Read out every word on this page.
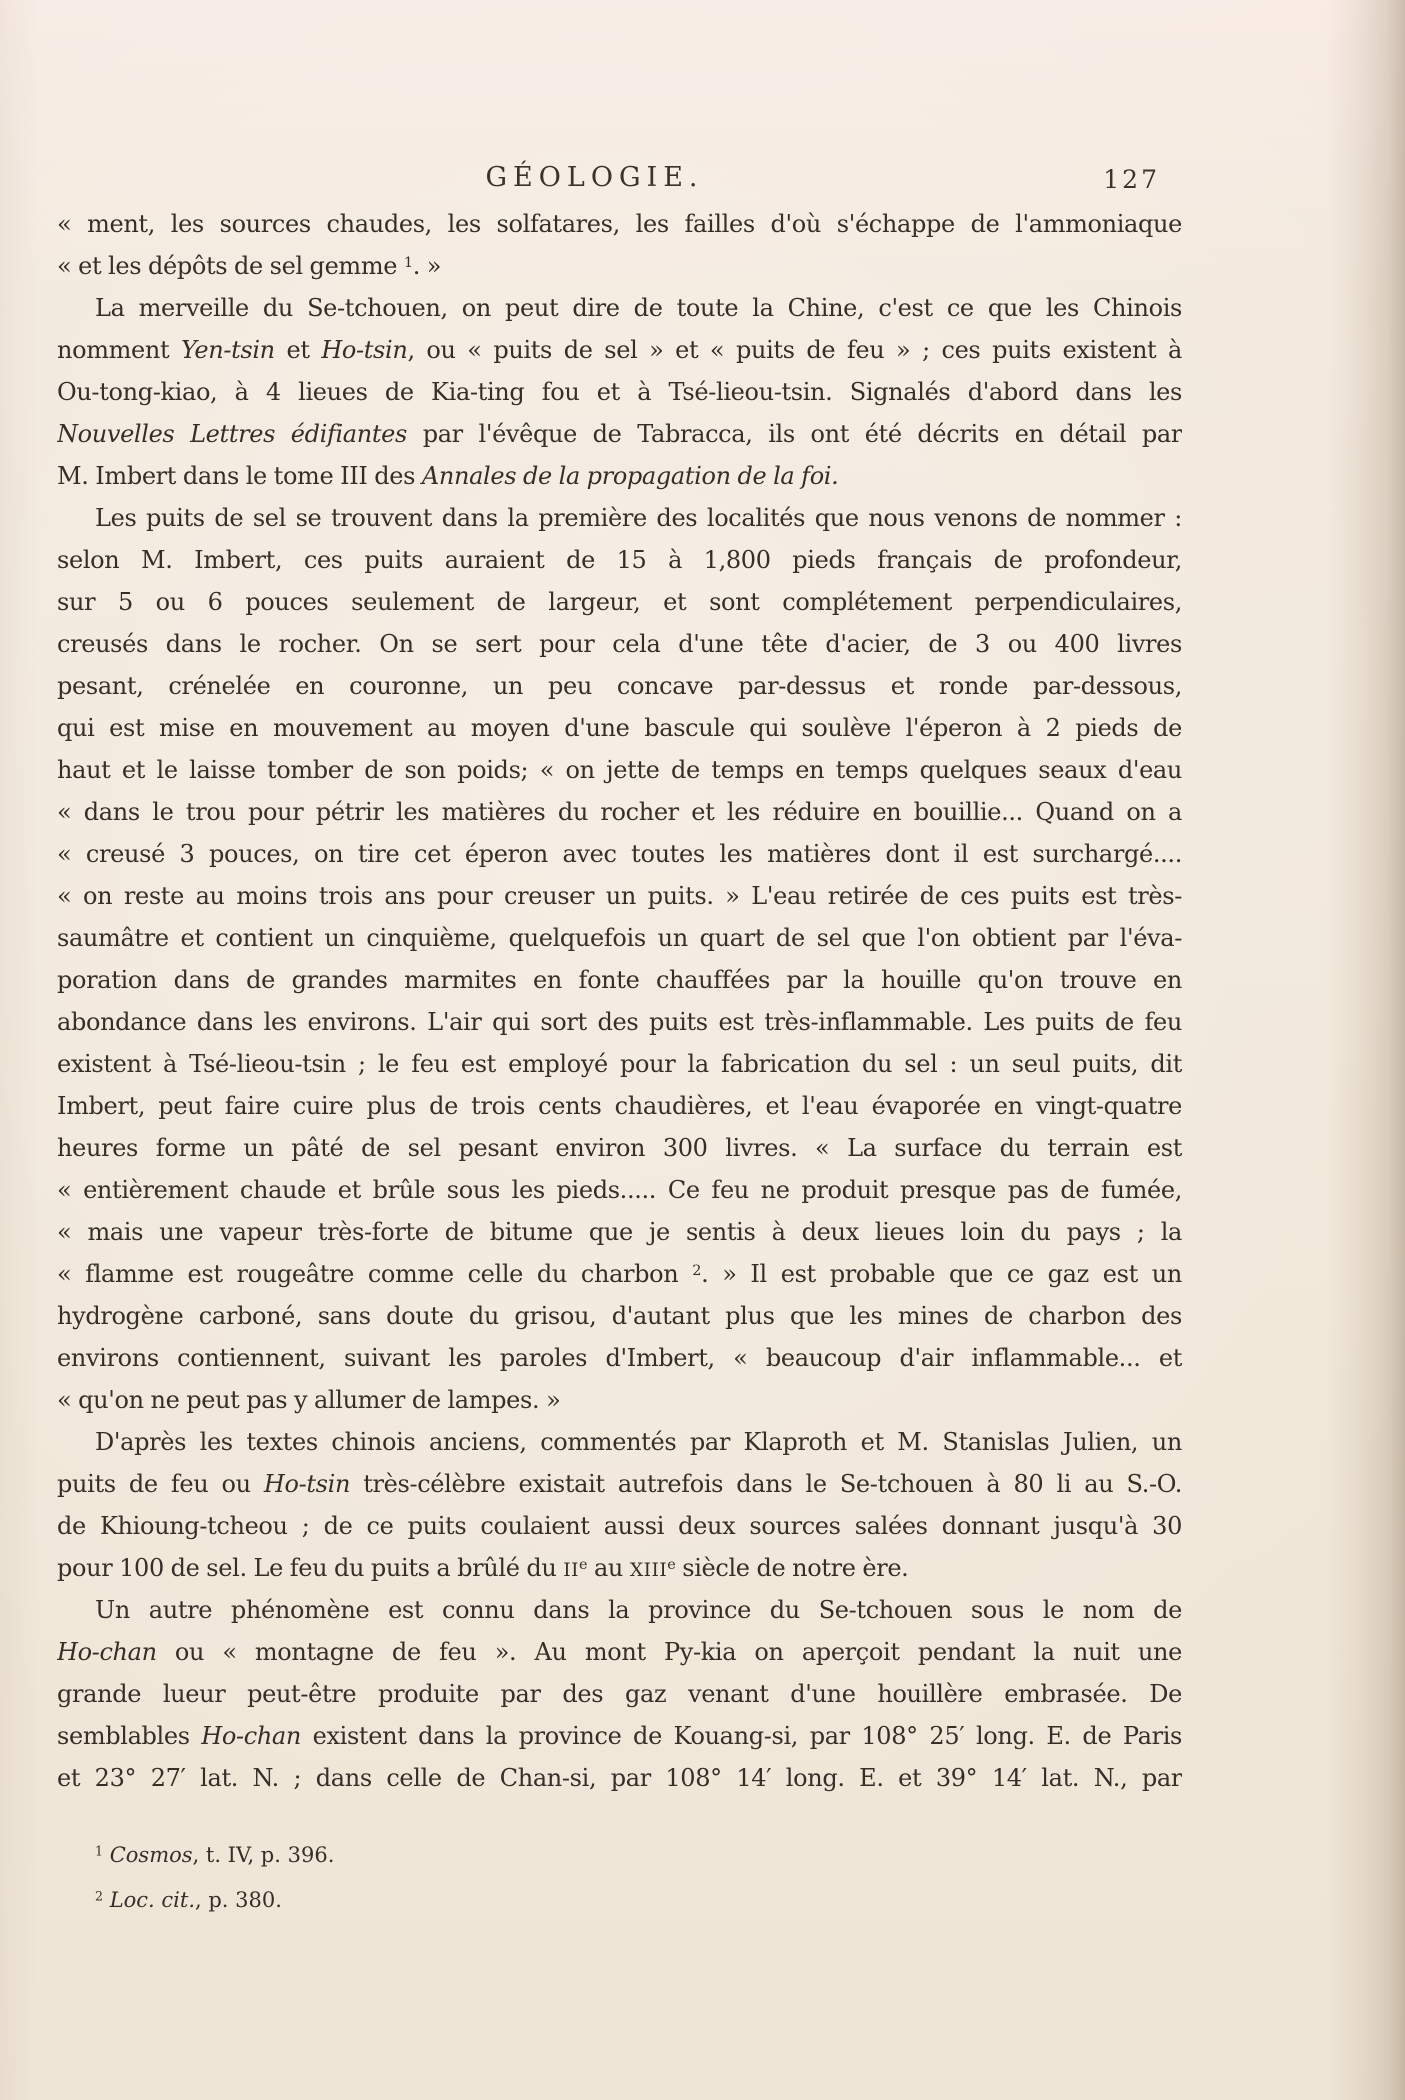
GÉOLOGIE.	127
« ment, les sources chaudes, les solfatares, les failles d'où s'échappe de l'ammoniaque
« et les dépôts de sel gemme $^1$. »
La merveille du Se-tchouen, on peut dire de toute la Chine, c'est ce que les Chinois
nomment Yen-tsin et Ho-tsin, ou « puits de sel » et « puits de feu » ; ces puits existent à
Ou-tong-kiao, à 4 lieues de Kia-ting fou et à Tsé-lieou-tsin. Signalés d'abord dans les
Nouvelles Lettres édifiantes par l'évêque de Tabracca, ils ont été décrits en détail par
M. Imbert dans le tome III des Annales de la propagation de la foi.
Les puits de sel se trouvent dans la première des localités que nous venons de nommer :
selon M. Imbert, ces puits auraient de 15 à 1,800 pieds français de profondeur,
sur 5 ou 6 pouces seulement de largeur, et sont complétement perpendiculaires,
creusés dans le rocher. On se sert pour cela d'une tête d'acier, de 3 ou 400 livres
pesant, crénelée en couronne, un peu concave par-dessus et ronde par-dessous,
qui est mise en mouvement au moyen d'une bascule qui soulève l'éperon à 2 pieds de
haut et le laisse tomber de son poids; « on jette de temps en temps quelques seaux d'eau
« dans le trou pour pétrir les matières du rocher et les réduire en bouillie... Quand on a
« creusé 3 pouces, on tire cet éperon avec toutes les matières dont il est surchargé....
« on reste au moins trois ans pour creuser un puits. » L'eau retirée de ces puits est très-
saumâtre et contient un cinquième, quelquefois un quart de sel que l'on obtient par l'éva-
poration dans de grandes marmites en fonte chauffées par la houille qu'on trouve en
abondance dans les environs. L'air qui sort des puits est très-inflammable. Les puits de feu
existent à Tsé-lieou-tsin ; le feu est employé pour la fabrication du sel : un seul puits, dit
Imbert, peut faire cuire plus de trois cents chaudières, et l'eau évaporée en vingt-quatre
heures forme un pâté de sel pesant environ 300 livres. « La surface du terrain est
« entièrement chaude et brûle sous les pieds..... Ce feu ne produit presque pas de fumée,
« mais une vapeur très-forte de bitume que je sentis à deux lieues loin du pays ; la
« flamme est rougeâtre comme celle du charbon $^2$. » Il est probable que ce gaz est un
hydrogène carboné, sans doute du grisou, d'autant plus que les mines de charbon des
environs contiennent, suivant les paroles d'Imbert, « beaucoup d'air inflammable... et
« qu'on ne peut pas y allumer de lampes. »
D'après les textes chinois anciens, commentés par Klaproth et M. Stanislas Julien, un
puits de feu ou Ho-tsin très-célèbre existait autrefois dans le Se-tchouen à 80 li au S.-O.
de Khioung-tcheou ; de ce puits coulaient aussi deux sources salées donnant jusqu'à 30
pour 100 de sel. Le feu du puits a brûlé du IIe au XIIIe siècle de notre ère.
Un autre phénomène est connu dans la province du Se-tchouen sous le nom de
Ho-chan ou « montagne de feu ». Au mont Py-kia on aperçoit pendant la nuit une
grande lueur peut-être produite par des gaz venant d'une houillère embrasée. De
semblables Ho-chan existent dans la province de Kouang-si, par 108° 25′ long. E. de Paris
et 23° 27′ lat. N. ; dans celle de Chan-si, par 108° 14′ long. E. et 39° 14′ lat. N., par
$^1$ Cosmos, t. IV, p. 396.
$^2$ Loc. cit., p. 380.
